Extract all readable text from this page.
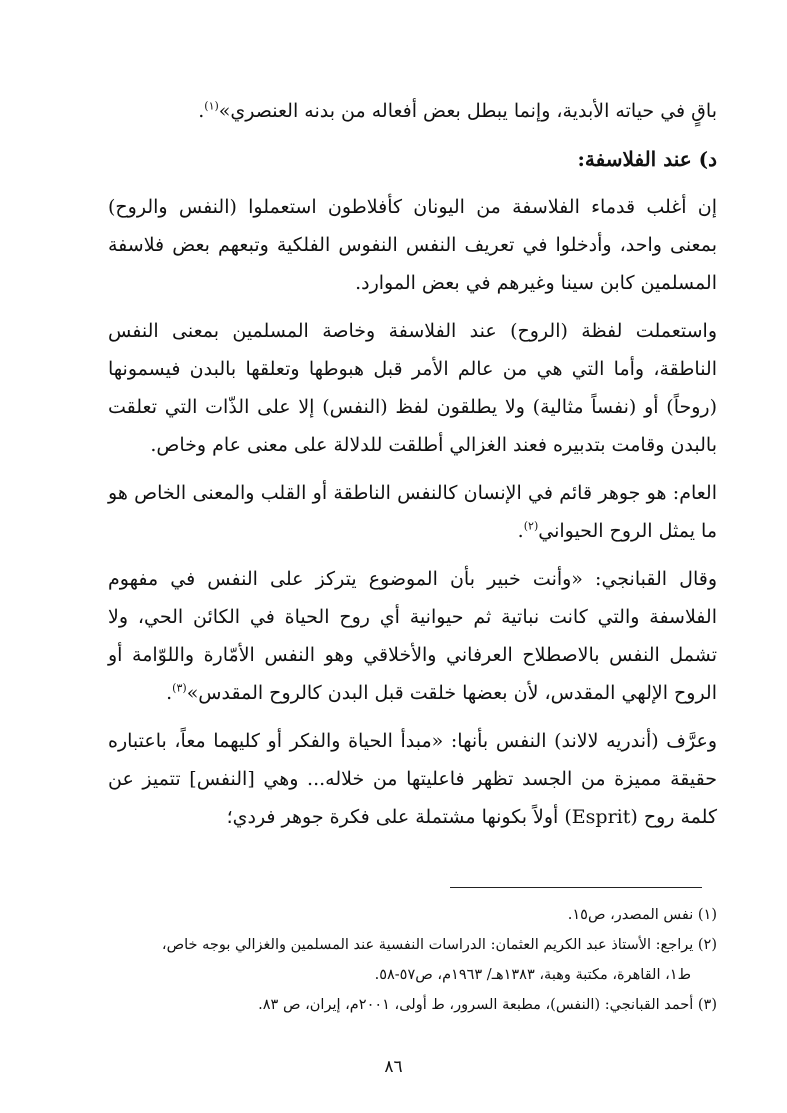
باقٍ في حياته الأبدية، وإنما يبطل بعض أفعاله من بدنه العنصري»$^{(١)}$.

د) عند الفلاسفة:

إن أغلب قدماء الفلاسفة من اليونان كأفلاطون استعملوا (النفس والروح) بمعنى واحد، وأدخلوا في تعريف النفس النفوس الفلكية وتبعهم بعض فلاسفة المسلمين كابن سينا وغيرهم في بعض الموارد.

واستعملت لفظة (الروح) عند الفلاسفة وخاصة المسلمين بمعنى النفس الناطقة، وأما التي هي من عالم الأمر قبل هبوطها وتعلقها بالبدن فيسمونها (روحاً) أو (نفساً مثالية) ولا يطلقون لفظ (النفس) إلا على الذّات التي تعلقت بالبدن وقامت بتدبيره فعند الغزالي أطلقت للدلالة على معنى عام وخاص.

العام: هو جوهر قائم في الإنسان كالنفس الناطقة أو القلب والمعنى الخاص هو ما يمثل الروح الحيواني$^{(٢)}$.

وقال القبانجي: «وأنت خبير بأن الموضوع يتركز على النفس في مفهوم الفلاسفة والتي كانت نباتية ثم حيوانية أي روح الحياة في الكائن الحي، ولا تشمل النفس بالاصطلاح العرفاني والأخلاقي وهو النفس الأمّارة واللوّامة أو الروح الإلهي المقدس، لأن بعضها خلقت قبل البدن كالروح المقدس»$^{(٣)}$.

وعرَّف (أندريه لالاند) النفس بأنها: «مبدأ الحياة والفكر أو كليهما معاً، باعتباره حقيقة مميزة من الجسد تظهر فاعليتها من خلاله... وهي [النفس] تتميز عن كلمة روح (Esprit) أولاً بكونها مشتملة على فكرة جوهر فردي؛

(١) نفس المصدر، ص١٥.

(٢) يراجع: الأستاذ عبد الكريم العثمان: الدراسات النفسية عند المسلمين والغزالي بوجه خاص،

ط١، القاهرة، مكتبة وهبة، ١٣٨٣هـ/ ١٩٦٣م، ص٥٧-٥٨.

(٣) أحمد القبانجي: (النفس)، مطبعة السرور، ط أولى، ٢٠٠١م، إيران، ص ٨٣.

٨٦
